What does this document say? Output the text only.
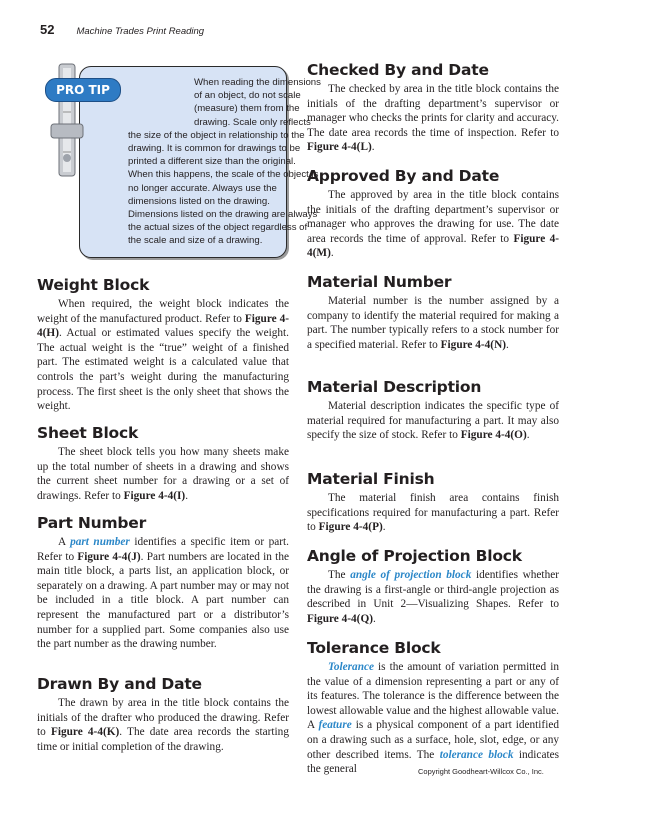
52 Machine Trades Print Reading
When reading the dimensions of an object, do not scale (measure) them from the drawing. Scale only reflects the size of the object in relationship to the drawing. It is common for drawings to be printed a different size than the original. When this happens, the scale of the object is no longer accurate. Always use the dimensions listed on the drawing. Dimensions listed on the drawing are always the actual sizes of the object regardless of the scale and size of a drawing.
PRO TIP
Weight Block

When required, the weight block indicates the weight of the manufactured product. Refer to Figure 4-4(H). Actual or estimated values specify the weight. The actual weight is the “true” weight of a finished part. The estimated weight is a calculated value that controls the part’s weight during the manufacturing process. The first sheet is the only sheet that shows the weight.

Sheet Block

The sheet block tells you how many sheets make up the total number of sheets in a drawing and shows the current sheet number for a drawing or a set of drawings. Refer to Figure 4-4(I).

Part Number

A part number identifies a specific item or part. Refer to Figure 4-4(J). Part numbers are located in the main title block, a parts list, an application block, or separately on a drawing. A part number may or may not be included in a title block. A part number can represent the manufactured part or a distributor’s number for a supplied part. Some companies also use the part number as the drawing number.

Drawn By and Date

The drawn by area in the title block contains the initials of the drafter who produced the drawing. Refer to Figure 4-4(K). The date area records the starting time or initial completion of the drawing.

Checked By and Date

The checked by area in the title block contains the initials of the drafting department’s supervisor or manager who checks the prints for clarity and accuracy. The date area records the time of inspection. Refer to Figure 4-4(L).

Approved By and Date

The approved by area in the title block contains the initials of the drafting department’s supervisor or manager who approves the drawing for use. The date area records the time of approval. Refer to Figure 4-4(M).

Material Number

Material number is the number assigned by a company to identify the material required for making a part. The number typically refers to a stock number for a specified material. Refer to Figure 4-4(N).

Material Description

Material description indicates the specific type of material required for manufacturing a part. It may also specify the size of stock. Refer to Figure 4-4(O).

Material Finish

The material finish area contains finish specifications required for manufacturing a part. Refer to Figure 4-4(P).

Angle of Projection Block

The angle of projection block identifies whether the drawing is a first-angle or third-angle projection as described in Unit 2—Visualizing Shapes. Refer to Figure 4-4(Q).

Tolerance Block

Tolerance is the amount of variation permitted in the value of a dimension representing a part or any of its features. The tolerance is the difference between the lowest allowable value and the highest allowable value. A feature is a physical component of a part identified on a drawing such as a surface, hole, slot, edge, or any other described items. The tolerance block indicates the general	Copyright Goodheart-Willcox Co., Inc.
